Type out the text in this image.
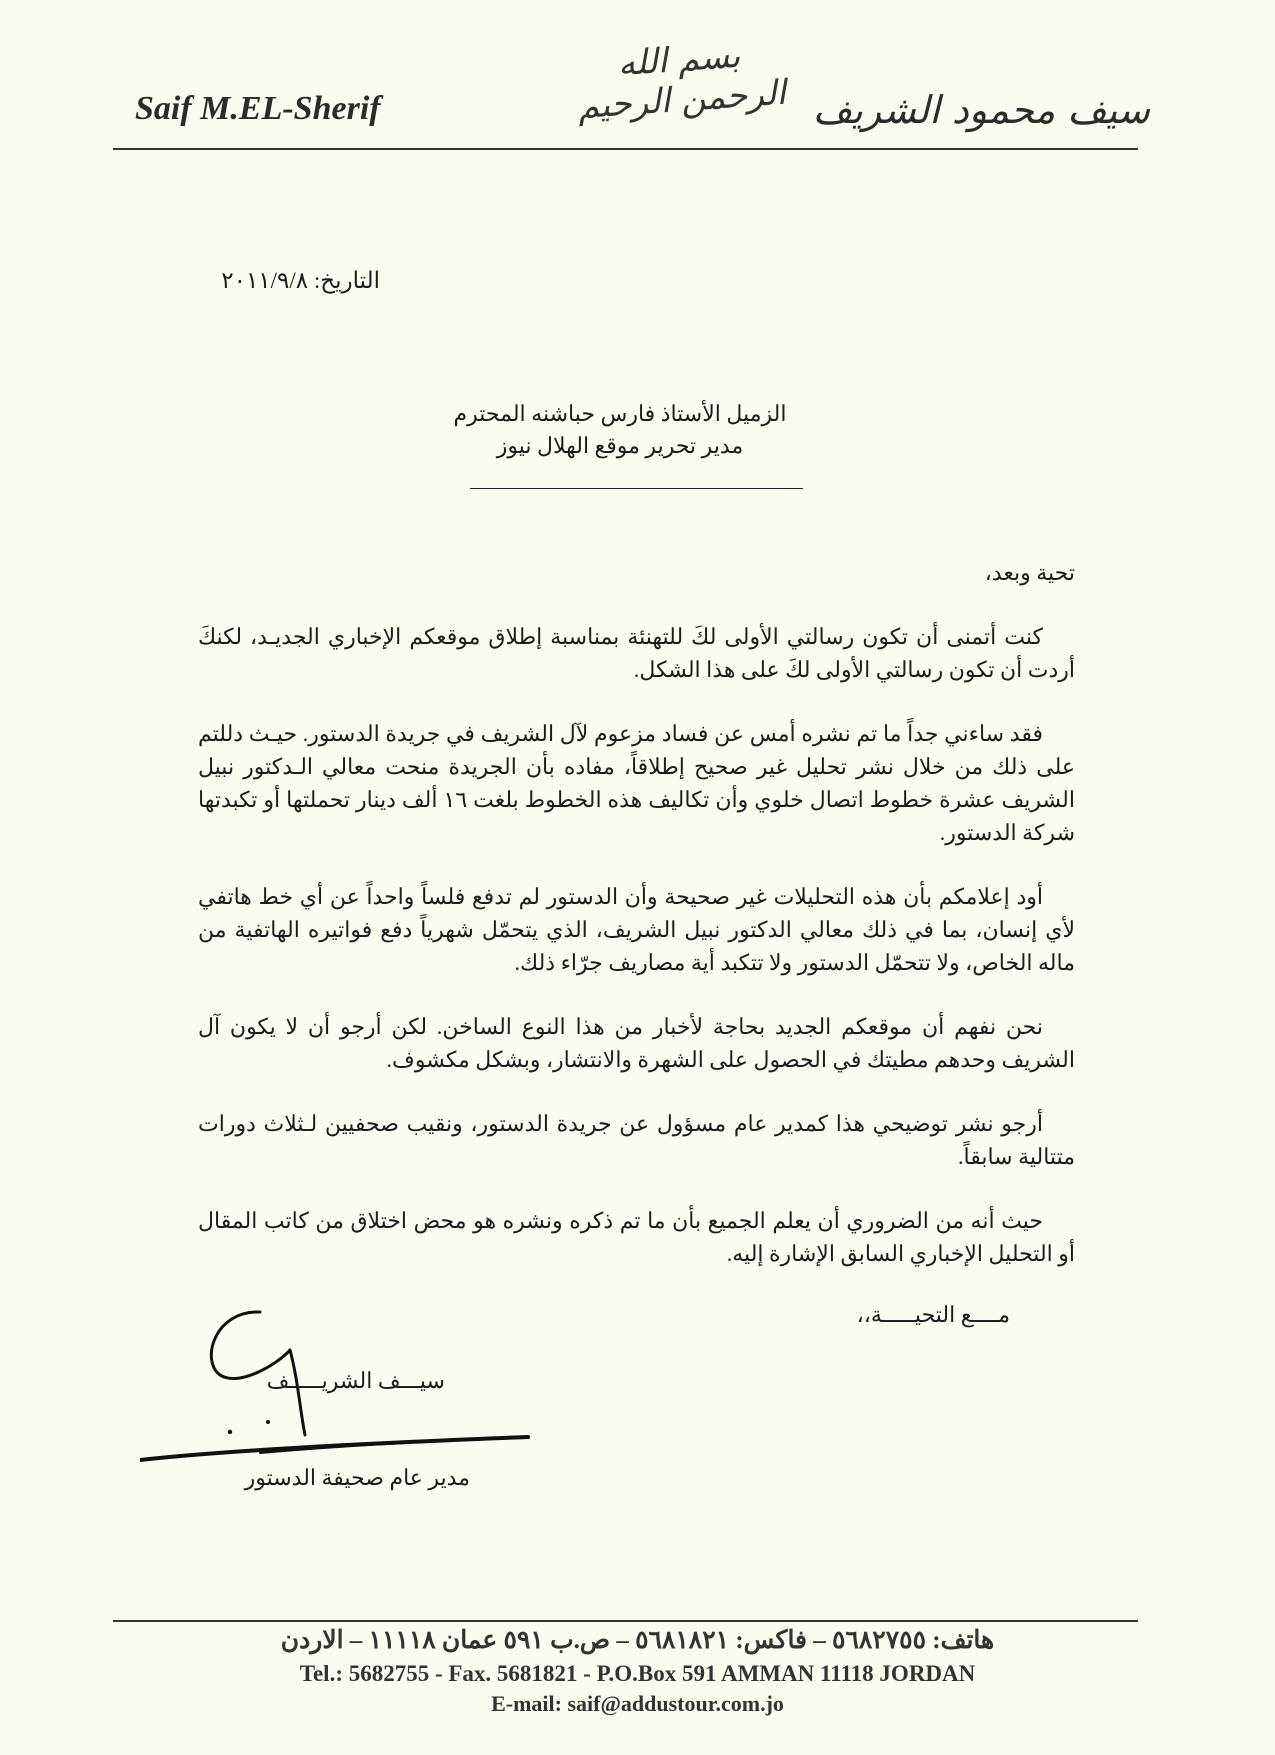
Saif M.EL-Sherif
بسم الله الرحمن الرحيم سيف محمود الشريف
التاريخ: ٢٠١١/٩/٨
الزميل الأستاذ فارس حباشنه المحترم
مدير تحرير موقع الهلال نيوز
تحية وبعد،

كنت أتمنى أن تكون رسالتي الأولى لكَ للتهنئة بمناسبة إطلاق موقعكم الإخباري الجديـد، لكنكَ أردت أن تكون رسالتي الأولى لكَ على هذا الشكل.

فقد ساءني جداً ما تم نشره أمس عن فساد مزعوم لآل الشريف في جريدة الدستور. حيـث دللتم على ذلك من خلال نشر تحليل غير صحيح إطلاقاً، مفاده بأن الجريدة منحت معالي الـدكتور نبيل الشريف عشرة خطوط اتصال خلوي وأن تكاليف هذه الخطوط بلغت ١٦ ألف دينار تحملتها أو تكبدتها شركة الدستور.

أود إعلامكم بأن هذه التحليلات غير صحيحة وأن الدستور لم تدفع فلساً واحداً عن أي خط هاتفي لأي إنسان، بما في ذلك معالي الدكتور نبيل الشريف، الذي يتحمّل شهرياً دفع فواتيره الهاتفية من ماله الخاص، ولا تتحمّل الدستور ولا تتكبد أية مصاريف جرّاء ذلك.

نحن نفهم أن موقعكم الجديد بحاجة لأخبار من هذا النوع الساخن. لكن أرجو أن لا يكون آل الشريف وحدهم مطيتك في الحصول على الشهرة والانتشار، وبشكل مكشوف.

أرجو نشر توضيحي هذا كمدير عام مسؤول عن جريدة الدستور، ونقيب صحفيين لـثلاث دورات متتالية سابقاً.

حيث أنه من الضروري أن يعلم الجميع بأن ما تم ذكره ونشره هو محض اختلاق من كاتب المقال أو التحليل الإخباري السابق الإشارة إليه.

مــــع التحيـــــة،،
سيـــف الشريـــــف
مدير عام صحيفة الدستور
هاتف: ٥٦٨٢٧٥٥ – فاكس: ٥٦٨١٨٢١ – ص.ب ٥٩١ عمان ١١١١٨ – الاردن
Tel.: 5682755 - Fax. 5681821 - P.O.Box 591 AMMAN 11118 JORDAN
E-mail: saif@addustour.com.jo
